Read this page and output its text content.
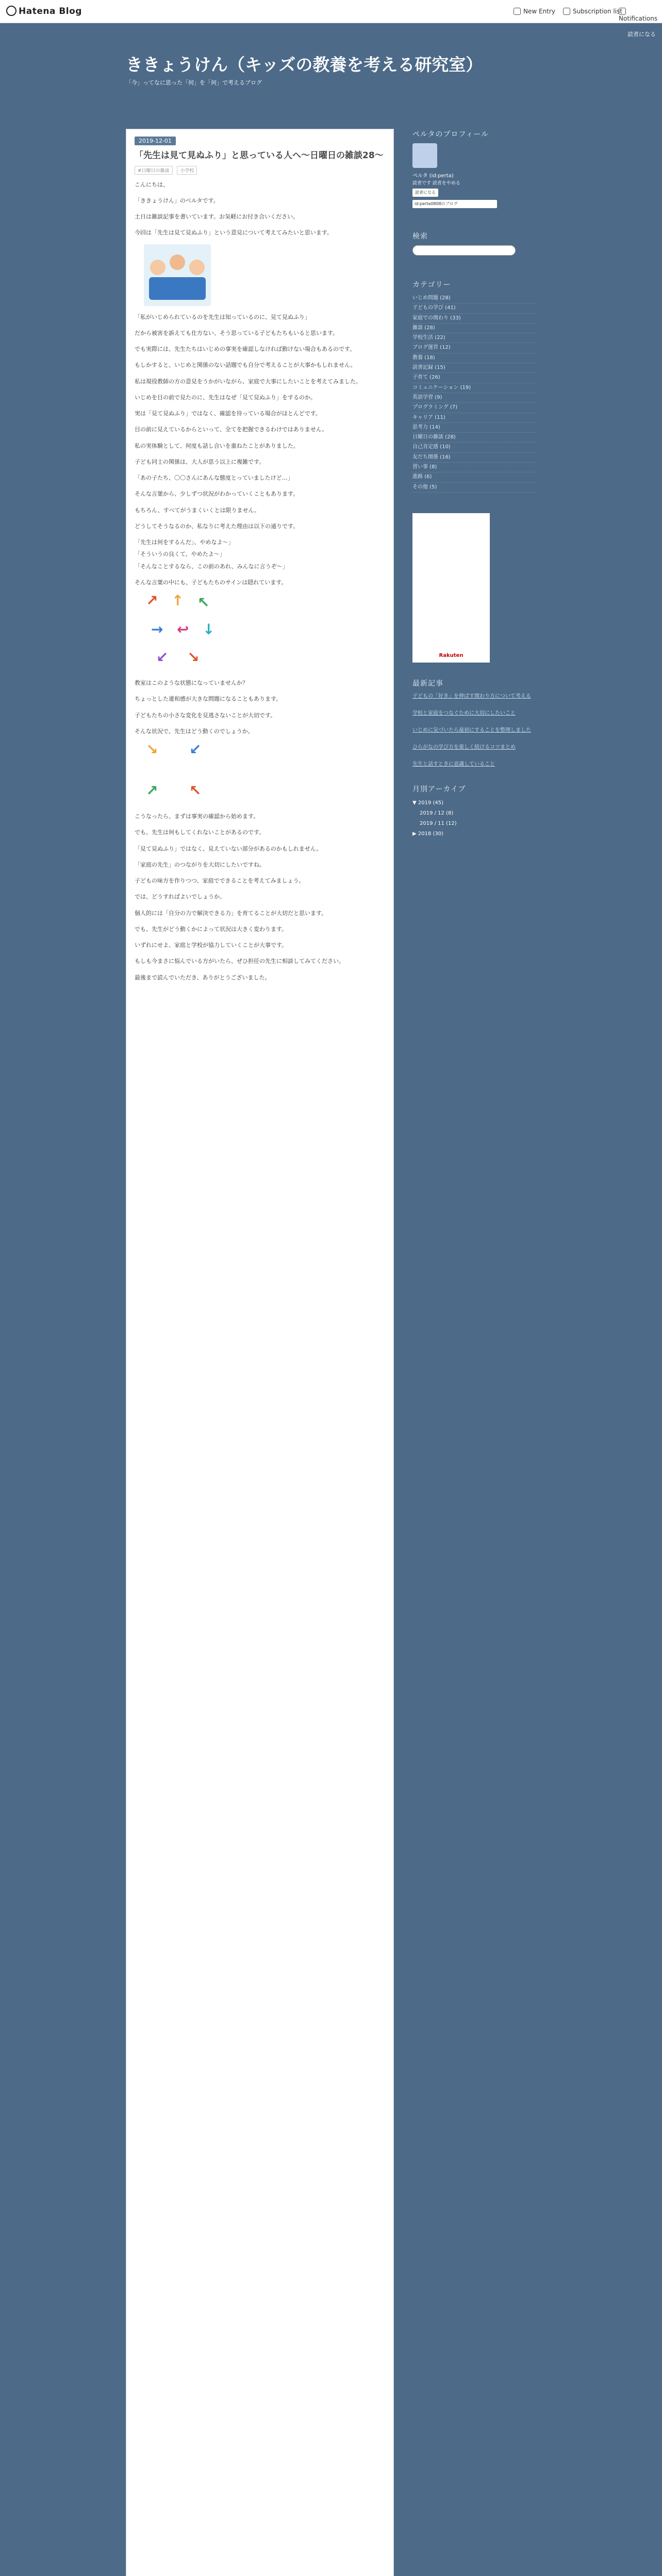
Hatena Blog	New Entry	Subscription list
Notifications
読者になる
ききょうけん（キッズの教養を考える研究室）
「今」ってなに思った「何」を「何」で考えるブログ
2019-12-01
「先生は見て見ぬふり」と思っている人へ〜日曜日の雑談28〜
#日曜日の雑談 小学校

こんにちは、

「ききょうけん」のペルタです。

土日は雑談記事を書いています。お気軽にお付き合いください。

今回は「先生は見て見ぬふり」という意見について考えてみたいと思います。

「私がいじめられているのを先生は知っているのに、見て見ぬふり」

だから被害を訴えても仕方ない、そう思っている子どもたちもいると思います。

でも実際には、先生たちはいじめの事実を確認しなければ動けない場合もあるのです。

もしかすると、いじめと関係のない話題でも自分で考えることが大事かもしれません。

私は現役教師の方の意見をうかがいながら、家庭で大事にしたいことを考えてみました。

いじめを目の前で見たのに、先生はなぜ「見て見ぬふり」をするのか。

実は「見て見ぬふり」ではなく、確認を待っている場合がほとんどです。

目の前に見えているからといって、全てを把握できるわけではありません。

私の実体験として、何度も話し合いを重ねたことがありました。

子ども同士の関係は、大人が思う以上に複雑です。

「あの子たち、〇〇さんにあんな態度とっていましたけど…」

そんな言葉から、少しずつ状況がわかっていくこともあります。

もちろん、すべてがうまくいくとは限りません。

どうしてそうなるのか、私なりに考えた理由は以下の通りです。

「先生は何をするんだ」、やめなよ〜」

「そういうの良くて、やめたよ〜」

「そんなことするなら、この前のあれ、みんなに言うぞ〜」

そんな言葉の中にも、子どもたちのサインは隠れています。

↗ ↑ ↖
→ ↩ ↓
↙ ↘

教室はこのような状態になっていませんか？

ちょっとした違和感が大きな問題になることもあります。

子どもたちの小さな変化を見逃さないことが大切です。

そんな状況で、先生はどう動くのでしょうか。

↘ ↙
↗ ↖

こうなったら、まずは事実の確認から始めます。

でも、先生は何もしてくれないことがあるのです。

「見て見ぬふり」ではなく、見えていない部分があるのかもしれません。

「家庭の先生」のつながりを大切にしたいですね。

子どもの味方を作りつつ、家庭でできることを考えてみましょう。

では、どうすればよいでしょうか。

個人的には「自分の力で解決できる力」を育てることが大切だと思います。

でも、先生がどう動くかによって状況は大きく変わります。

いずれにせよ、家庭と学校が協力していくことが大事です。

もしも今まさに悩んでいる方がいたら、ぜひ担任の先生に相談してみてください。

最後まで読んでいただき、ありがとうございました。

ペルタのプロフィール
ペルタ (id:perta)
読者です 読者をやめる
読者になる
id:perta0808のブログ
検索
カテゴリー
いじめ問題 (28)
子どもの学び (41)
家庭での関わり (33)
雑談 (28)
学校生活 (22)
ブログ運営 (12)
教養 (18)
読書記録 (15)
子育て (26)
コミュニケーション (19)
英語学習 (9)
プログラミング (7)
キャリア (11)
思考力 (14)
日曜日の雑談 (28)
自己肯定感 (10)
友だち関係 (16)
習い事 (8)
進路 (6)
その他 (5)
Rakuten
最新記事
子どもの「好き」を伸ばす関わり方について考える
学校と家庭をつなぐために大切にしたいこと
いじめに気づいたら最初にすることを整理しました
ひらがなの学び方を楽しく続けるコツまとめ
先生と話すときに意識していること
月別アーカイブ
▼ 2019 (45)
2019 / 12 (8)
2019 / 11 (12)
▶ 2018 (30)
